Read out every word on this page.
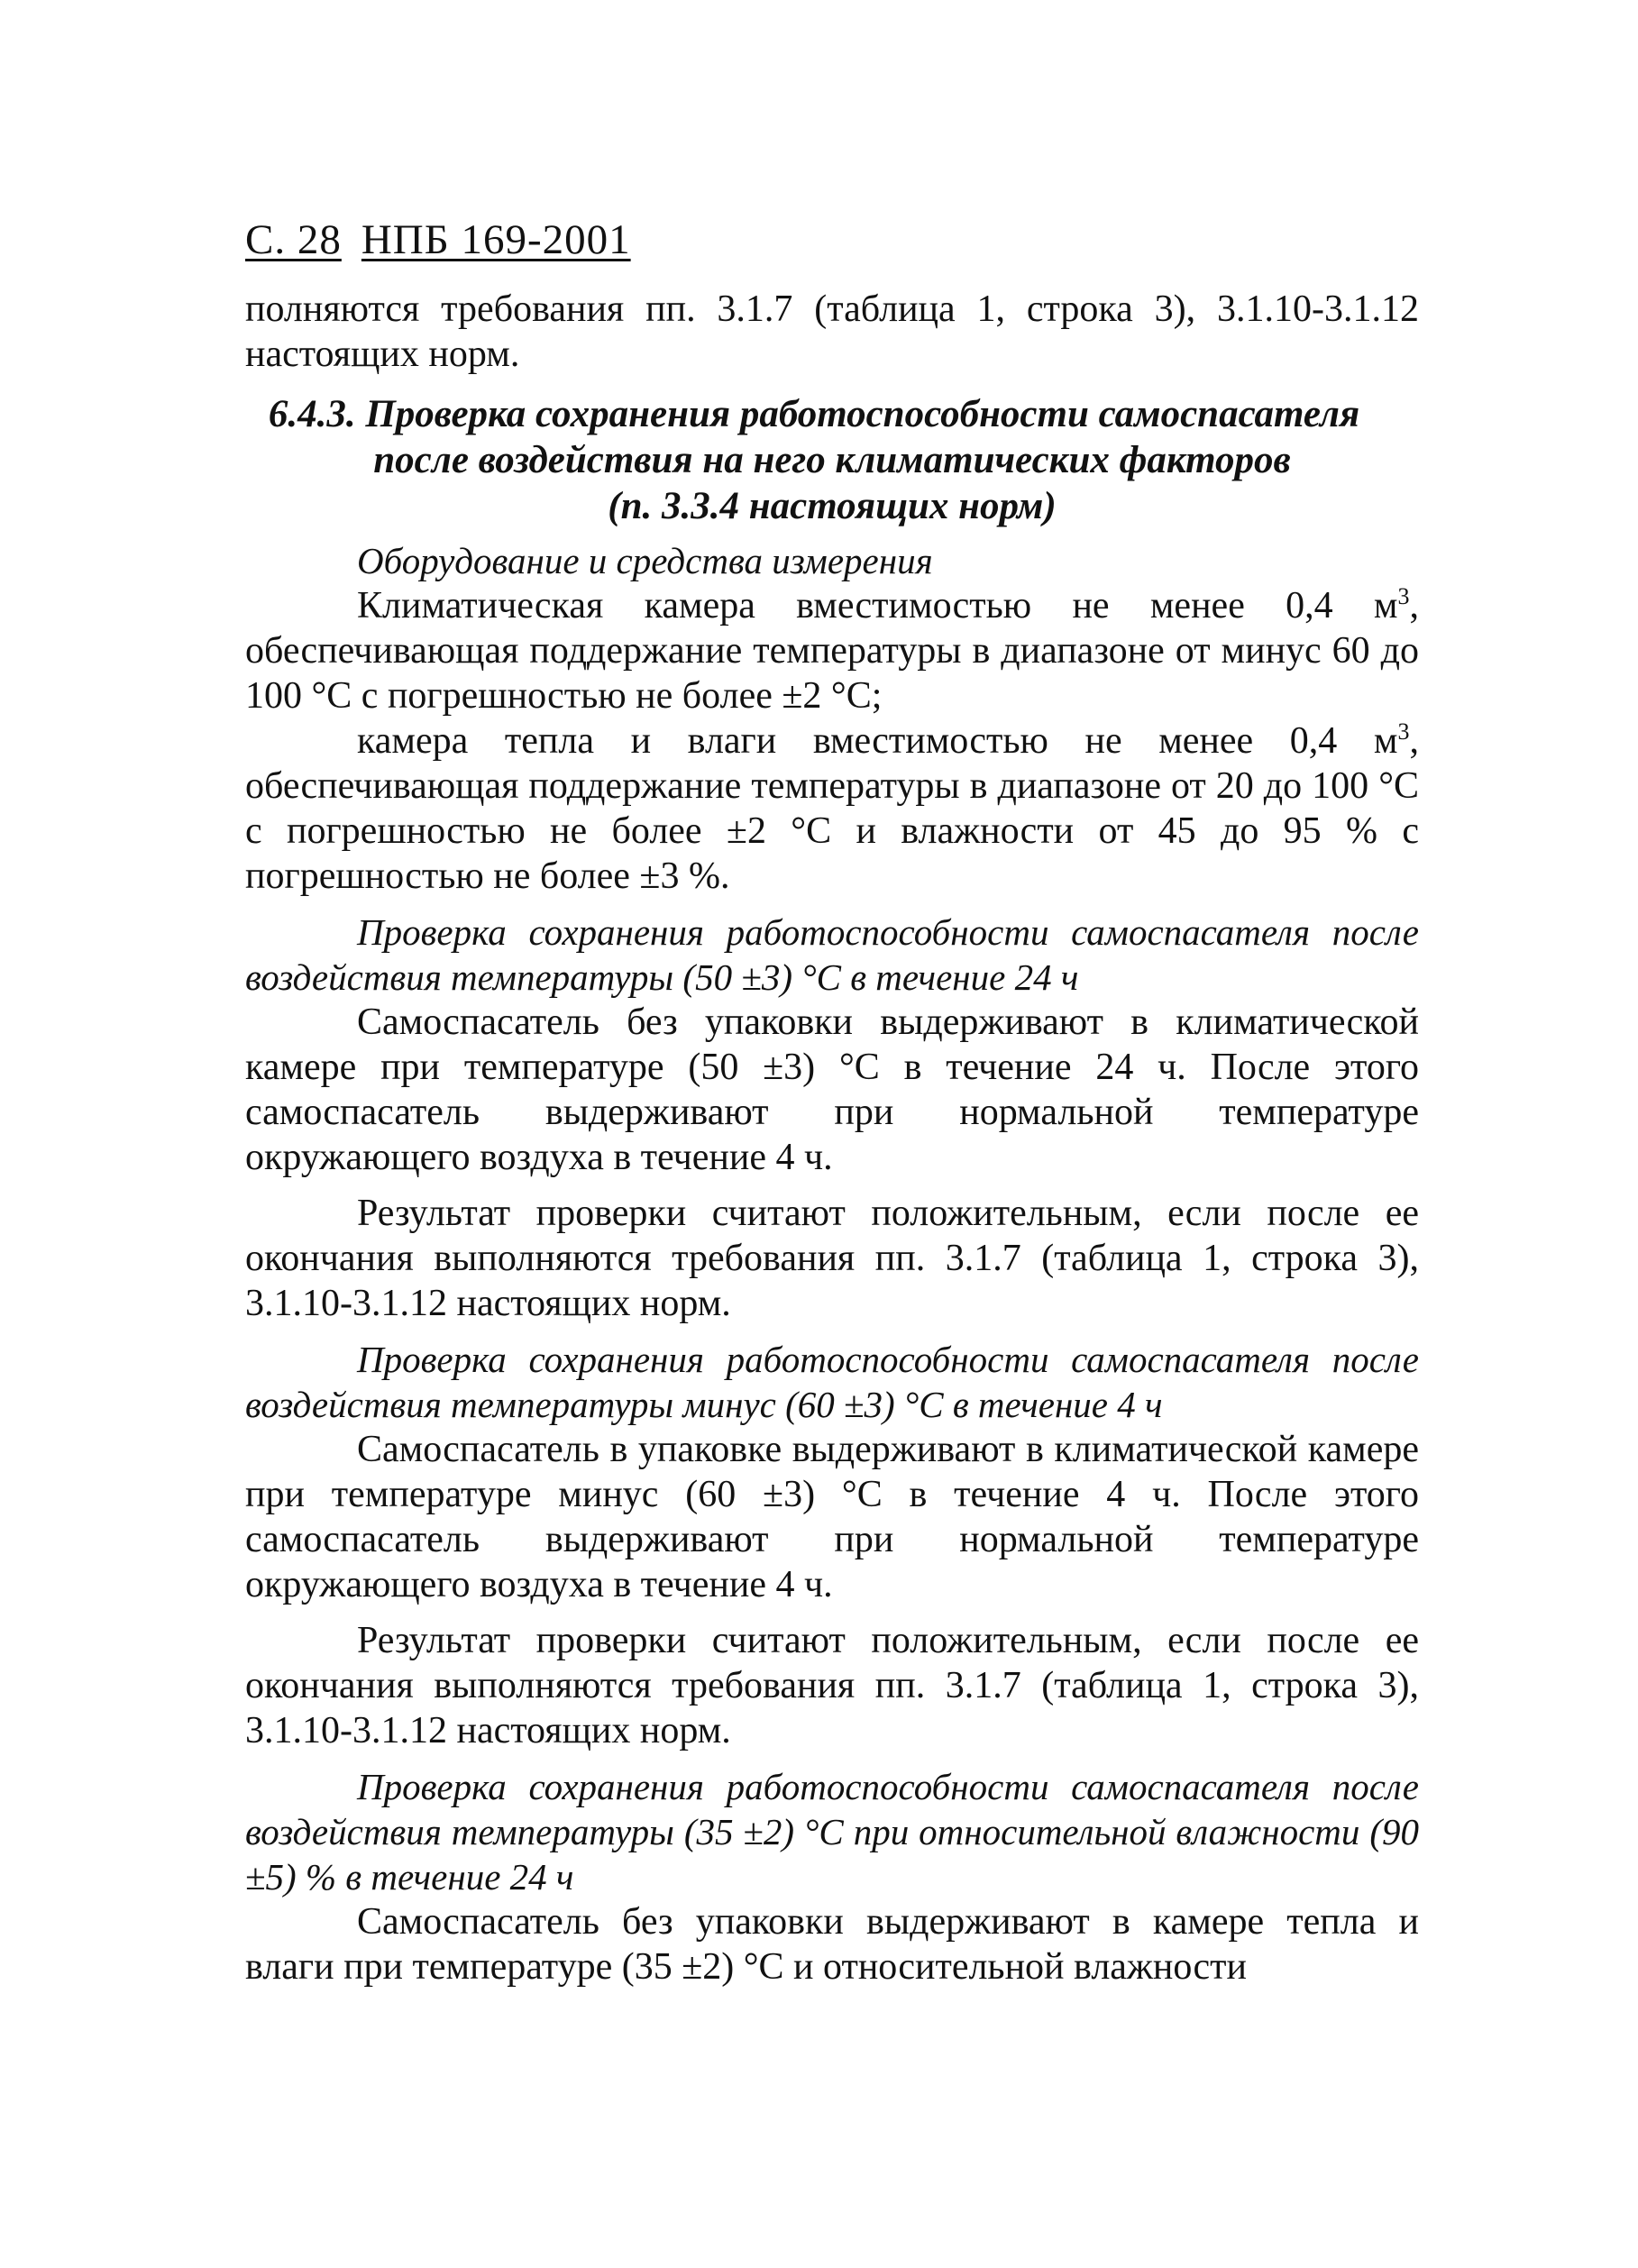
С. 28 НПБ 169-2001

полняются требования пп. 3.1.7 (таблица 1, строка 3), 3.1.10-3.1.12 настоящих норм.

6.4.3. Проверка сохранения работоспособности самоспасателя
после воздействия на него климатических факторов
(п. 3.3.4 настоящих норм)

Оборудование и средства измерения

Климатическая камера вместимостью не менее 0,4 $м^3$, обеспечивающая поддержание температуры в диапазоне от минус 60 до 100 °С с погрешностью не более ±2 °С;

камера тепла и влаги вместимостью не менее 0,4 $м^3$, обеспечивающая поддержание температуры в диапазоне от 20 до 100 °С с погрешностью не более ±2 °С и влажности от 45 до 95 % с погрешностью не более ±3 %.

Проверка сохранения работоспособности самоспасателя после воздействия температуры (50 ±3) °С в течение 24 ч

Самоспасатель без упаковки выдерживают в климатической камере при температуре (50 ±3) °С в течение 24 ч. После этого самоспасатель выдерживают при нормальной температуре окружающего воздуха в течение 4 ч.

Результат проверки считают положительным, если после ее окончания выполняются требования пп. 3.1.7 (таблица 1, строка 3), 3.1.10-3.1.12 настоящих норм.

Проверка сохранения работоспособности самоспасателя после воздействия температуры минус (60 ±3) °С в течение 4 ч

Самоспасатель в упаковке выдерживают в климатической камере при температуре минус (60 ±3) °С в течение 4 ч. После этого самоспасатель выдерживают при нормальной температуре окружающего воздуха в течение 4 ч.

Результат проверки считают положительным, если после ее окончания выполняются требования пп. 3.1.7 (таблица 1, строка 3), 3.1.10-3.1.12 настоящих норм.

Проверка сохранения работоспособности самоспасателя после воздействия температуры (35 ±2) °С при относительной влажности (90 ±5) % в течение 24 ч

Самоспасатель без упаковки выдерживают в камере тепла и влаги при температуре (35 ±2) °С и относительной влажности
